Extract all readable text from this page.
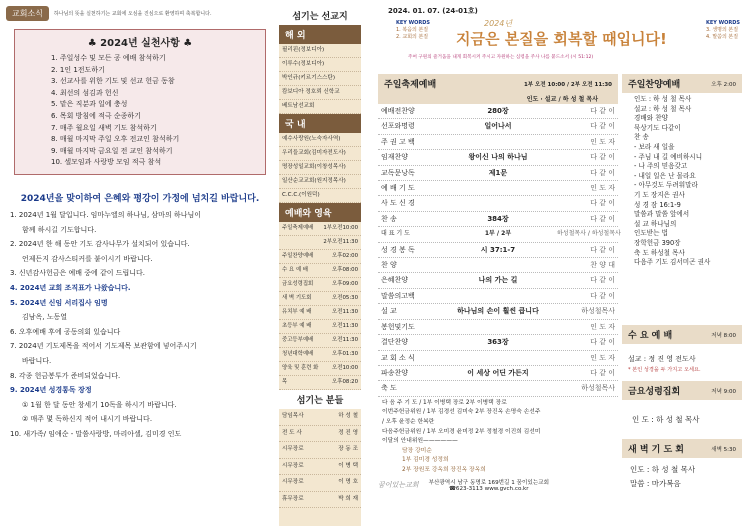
교회소식	하나님의 뜻을 실천하기는 교회에 오심을 진심으로 환영하며 축복합니다.
♣ 2024년 실천사항 ♣
1. 주일성수 및 모든 공 예배 참석하기
2. 1인 1전도하기
3. 선교사를 위한 기도 및 선교 헌금 동참
4. 최선의 섬김과 헌신
5. 맡은 직분과 일에 충성
6. 목회 방침에 적극 순종하기
7. 매주 월요일 새벽 기도 참석하기
8. 매월 마지막 주일 오후 전교인 참석하기
9. 매월 마지막 금요일 전 교인 참석하기
10. 셀모임과 사랑방 모임 적극 참석
2024년을 맞이하여 은혜와 평강이 가정에 넘치길 바랍니다.
1. 2024년 1월 달입니다. 임마누엘의 하나님, 삼마의 하나님이
함께 하시길 기도합니다.
2. 2024년 한 해 동안 기도 감사나무가 설치되어 있습니다.
언제든지 감사스티커를 붙이시기 바랍니다.
3. 신년감사헌금은 예배 중에 같이 드립니다.
4. 2024년 교회 조직표가 나왔습니다.
5. 2024년 신임 서리집사 임명
김남옥, 노동열
6. 오후예배 후에 공동의회 있습니다
7. 2024년 기도제목을 적어서 기도제목 보관함에 넣어주시기
바랍니다.
8. 각종 헌금봉투가 준비되었습니다.
9. 2024년 성경통독 장정
① 1월 한 달 동안 창세기 10독을 하시기 바랍니다.
② 매주 몇 독하신지 적어 내시기 바랍니다.
10. 새가족/ 임애순 - 말씀사랑방, 마리아셀, 김미경 인도
섬기는 선교지
해 외
필리핀(정보디아)
이루수(정보디아)
박인규(키르기스스탄)
캄보디아 정호뢰 신학교
베트남선교회
국 내
예수사랑원(노숙자사역)
우리들교회(김미자전도사)
명장성일교회(이창성목사)
일산순교교회(원지정목사)
C.C.C.(이원덕)
예배와 영육
주일축제예배 1부오전10:00
2부오전11:30
주일찬양예배	오후02:00
수 요 예 배	오후08:00
금요성령집회	오후09:00
새 벽 기도회	오전05:30
유치부 예 배	오전11:30
초등부 예 배	오전11:30
중고등부예배	오전11:30
청년대학예배	오후01:30
양육 및 훈련 화	오전10:00
목	오후08:20
섬기는 분들
담임목사	하 성 철
전 도 사	정 진 영
시무장로	장 동 조
시무장로	이 병 택
시무장로	이 명 호
휴무장로	박 희 재
2024. 01. 07. (24-01호)
KEY WORDS
1. 복음의 본질
2. 교회의 본질
2024년
지금은 본질을 회복할 때입니다!
KEY WORDS
3. 생명의 본질
4. 말씀의 본질
주여 구원의 즐거움을 내게 회복시켜 주시고 자원하는 심령을 주사 나를 붙드소서 (시 51:12)
주일축제예배	1부 오전 10:00 / 2부 오전 11:30
인도 · 설교 / 하 성 철 목사
예배전찬양	280장	다 같 이
선포와명령	일어나서	다 같 이
주 권 고 백	인 도 자
임재찬양	왕이신 나의 하나님	다 같 이
교독문낭독	제1문	다 같 이
예 배 기 도	인 도 자
사 도 신 경	다 같 이
찬 송	384장	다 같 이
대 표 기 도	1부 / 2부	하성철목사 / 하성철목사
성 경 봉 독	시 37:1-7	다 같 이
찬 양	찬 양 대
은혜찬양	나의 가는 길	다 같 이
말씀의고백	다 같 이
설 교	하나님의 손이 훨씬 큽니다	하성철목사
봉헌및기도	인 도 자
결단찬양	363장	다 같 이
교 회 소 식	인 도 자
파송찬양	이 세상 어딘 가든지	다 같 이
축 도	하성철목사
다 음 주 기 도 / 1부 이병택 장로 2부 이병택 장로
이번주헌금위원 / 1부 김경선 김미숙 2부 장진옥 손명숙 손선주
/ 오후 윤정순 한복란
다음주헌금위원 / 1부 오미경 윤미정 2부 정철경 이진희 김선미
이달의 안내위원——————
담장 강미순
1부 김미경 성정희
2부 장원포 강옥희 장진옥 장옥희
꿈이있는교회 부산광역시 남구 동명로 169번길 1 꿈이있는교회
☎623-3113 www.gvch.co.kr
주일찬양예배	오후 2:00
인도 : 하 성 철 목사
설교 : 하 성 철 목사
경배와 찬양
묵상기도 다같이
찬 송
- 보라 새 일을
- 주님 내 길 예비하시니
- 나 주의 믿음갖고
- 내일 일은 난 몰라요
- 아무것도 두려워말라
기 도 장지은 권사
성 경 잠 16:1-9
말씀과 말씀 앞에서
설 교 하나님의
인도받는 법
장학헌금 390장
축 도 하성철 목사
다음주 기도 김서미곤 권사
수 요 예 배	저녁 8:00
설교 : 정 진 영 전도사
* 본인 성경을 두 가지고 오세요.
금요성령집회	저녁 9:00
인 도 : 하 성 철 목사
새 벽 기 도 회	새벽 5:30
인도 : 하 성 철 목사
말씀 : 마가복음
